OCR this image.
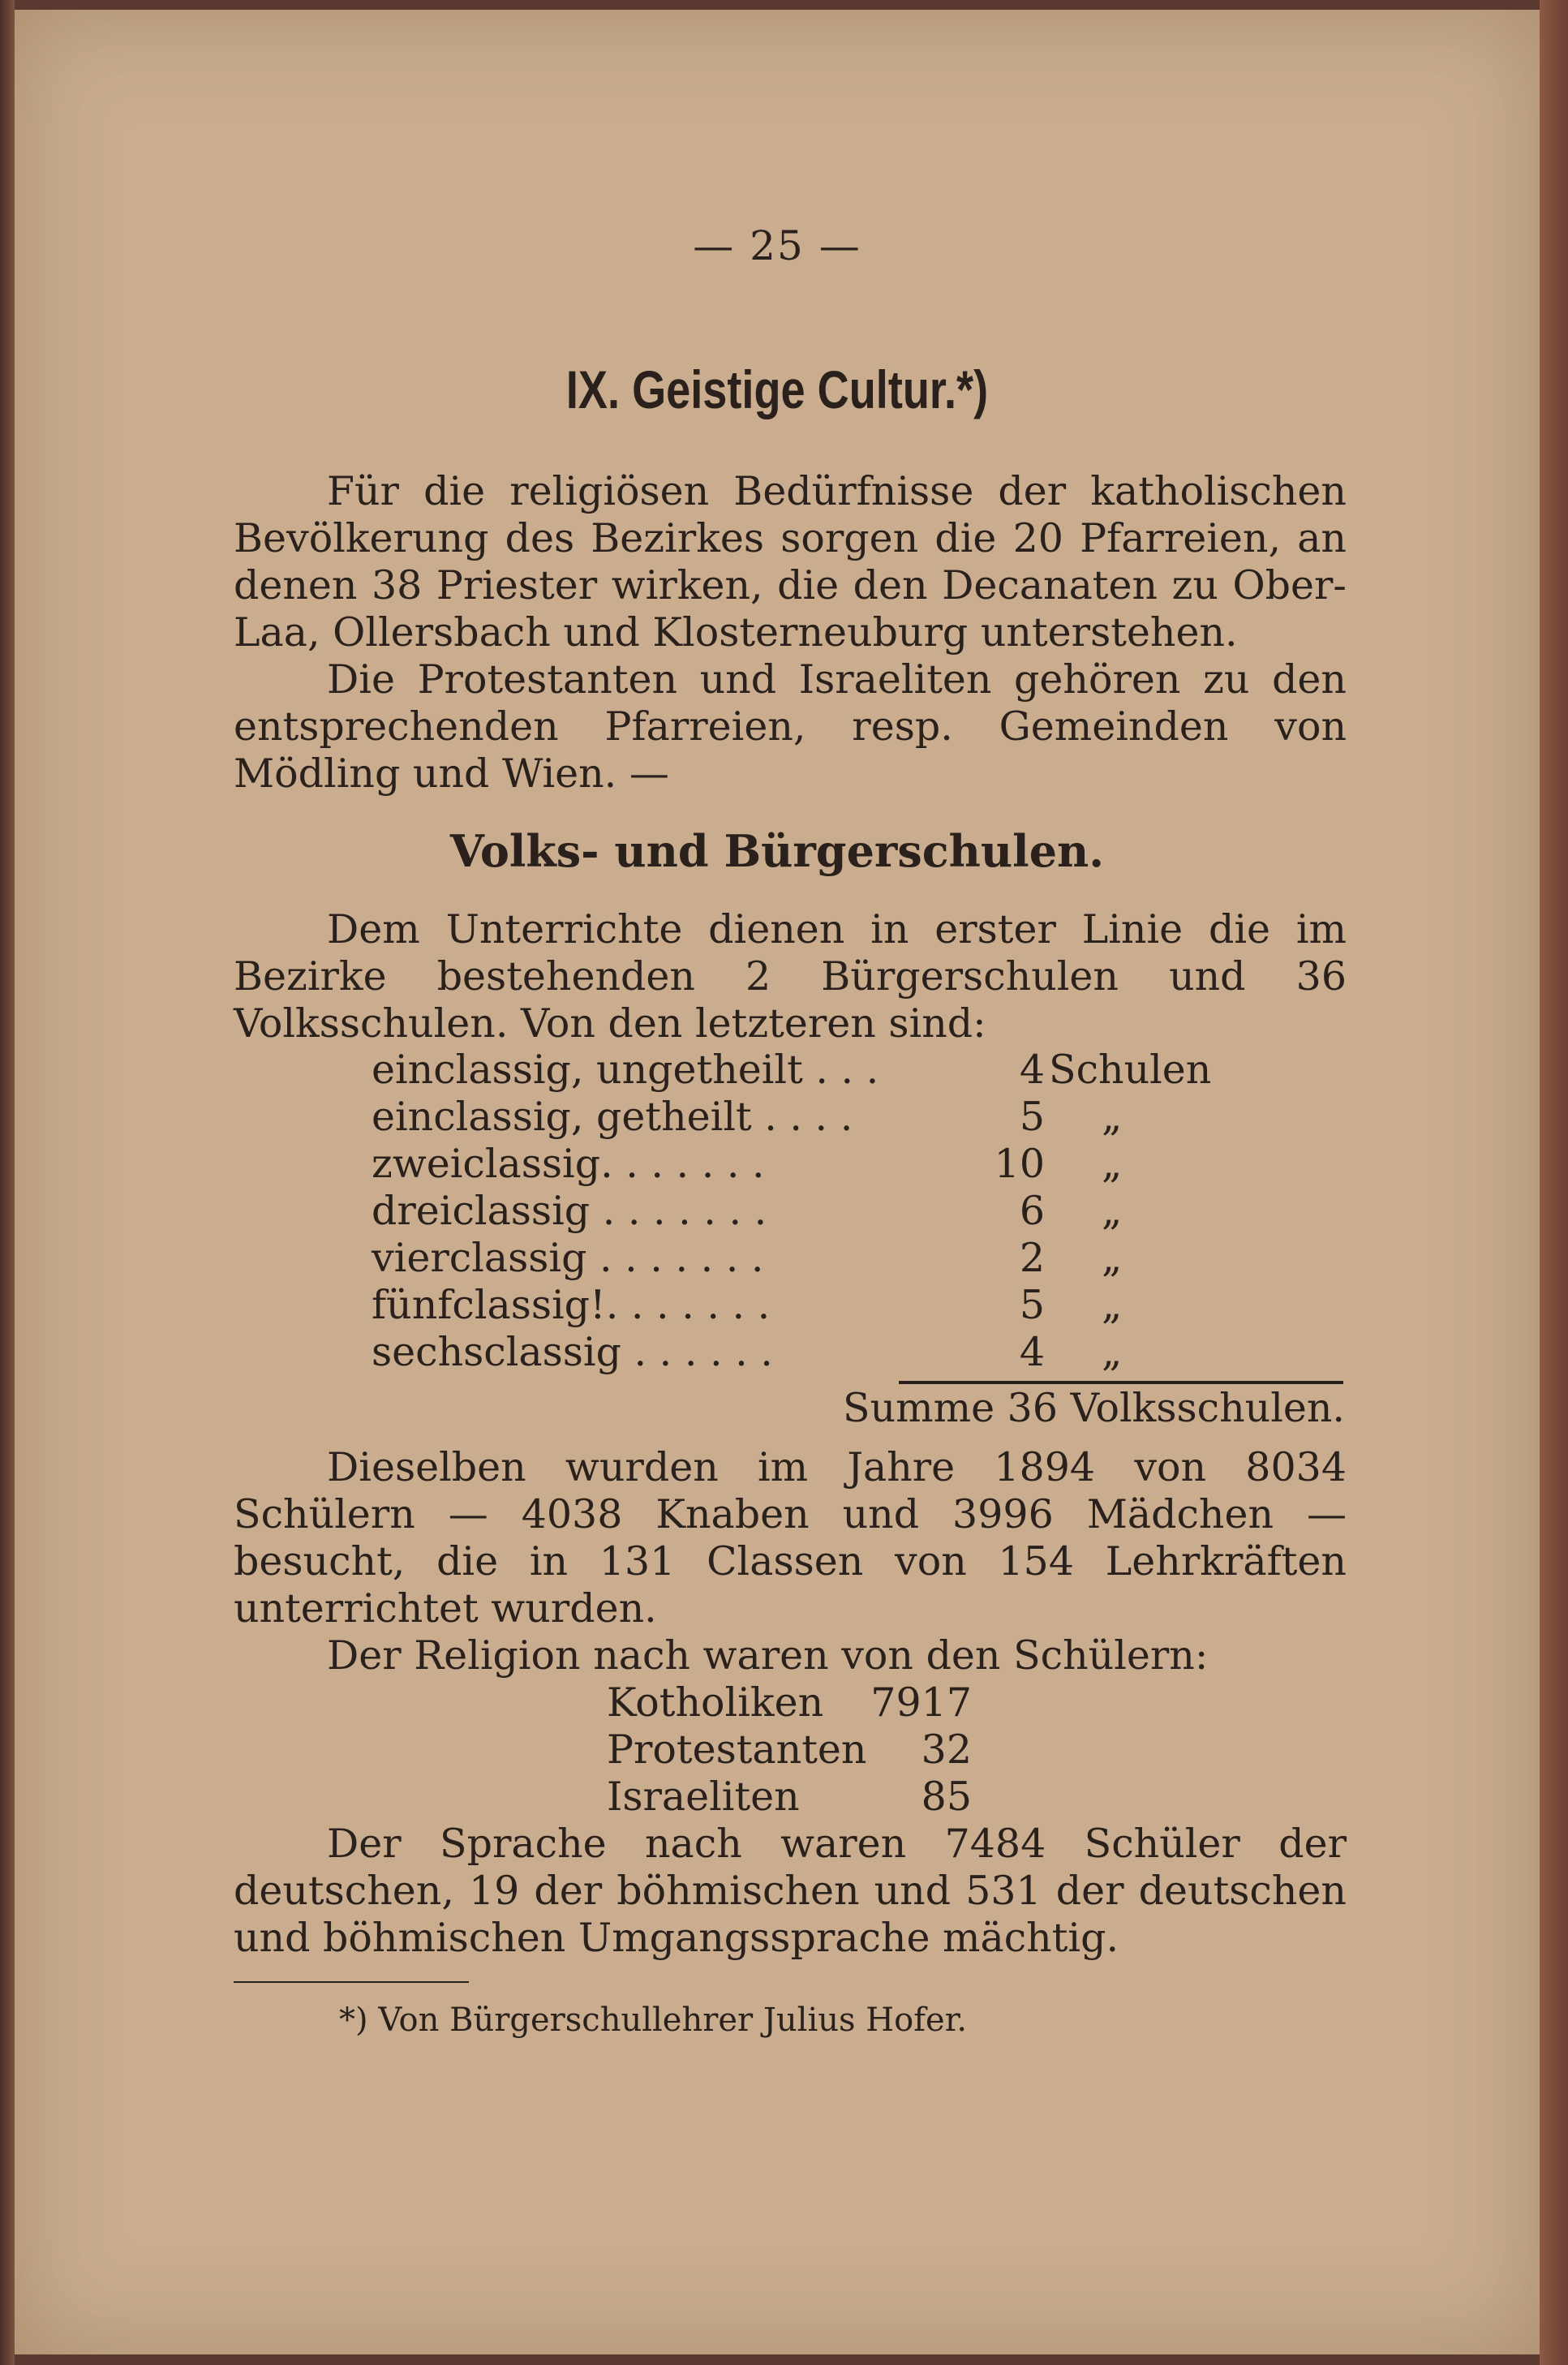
— 25 —
IX. Geistige Cultur.*)
Für die religiösen Bedürfnisse der katholischen Bevölkerung des Bezirkes sorgen die 20 Pfarreien, an denen 38 Priester wirken, die den Decanaten zu Ober-Laa, Ollersbach und Klosterneuburg unterstehen.
Die Protestanten und Israeliten gehören zu den entsprechenden Pfarreien, resp. Gemeinden von Mödling und Wien. —
Volks- und Bürgerschulen.
Dem Unterrichte dienen in erster Linie die im Bezirke bestehenden 2 Bürgerschulen und 36 Volksschulen. Von den letzteren sind:
einclassig, ungetheilt . . .	4 Schulen
einclassig, getheilt . . . .	5 „
zweiclassig. . . . . . .	10 „
dreiclassig . . . . . . .	6 „
vierclassig . . . . . . .	2 „
fünfclassig!. . . . . . .	5 „
sechsclassig . . . . . .	4 „
Summe 36 Volksschulen.
Dieselben wurden im Jahre 1894 von 8034 Schülern — 4038 Knaben und 3996 Mädchen — besucht, die in 131 Classen von 154 Lehrkräften unterrichtet wurden.
Der Religion nach waren von den Schülern:
Kotholiken	7917
Protestanten	32
Israeliten	85
Der Sprache nach waren 7484 Schüler der deutschen, 19 der böhmischen und 531 der deutschen und böhmischen Umgangssprache mächtig.
*) Von Bürgerschullehrer Julius Hofer.
